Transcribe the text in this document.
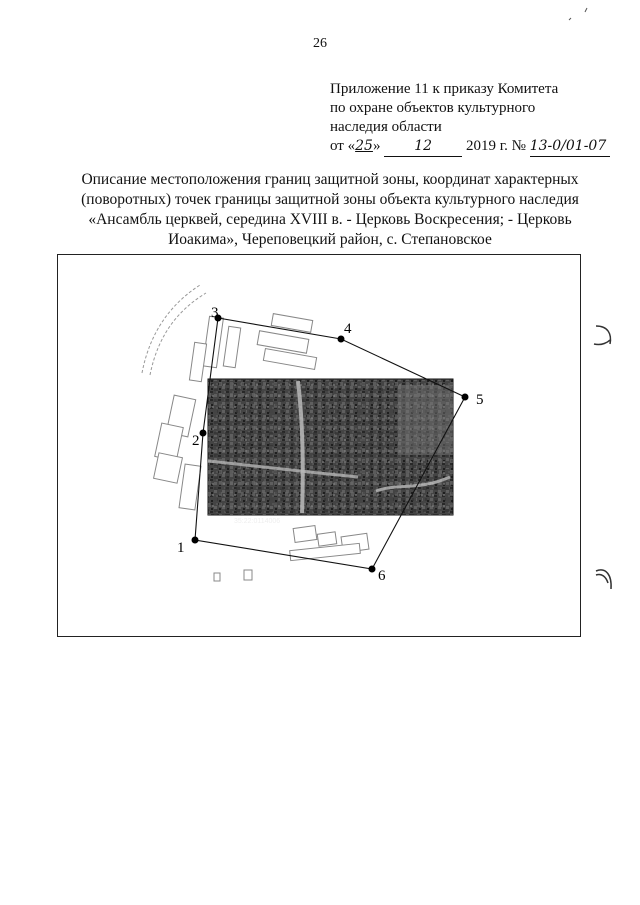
26
Приложение 11 к приказу Комитета
по охране объектов культурного
наследия области
от «25» 12 2019 г. № 13-0/01-07
Описание местоположения границ защитной зоны, координат характерных
(поворотных) точек границы защитной зоны объекта культурного наследия
«Ансамбль церквей, середина XVIII в. - Церковь Воскресения; - Церковь
Иоакима», Череповецкий район, с. Степановское
35:22:0114006
1
2
3
4
5
6
